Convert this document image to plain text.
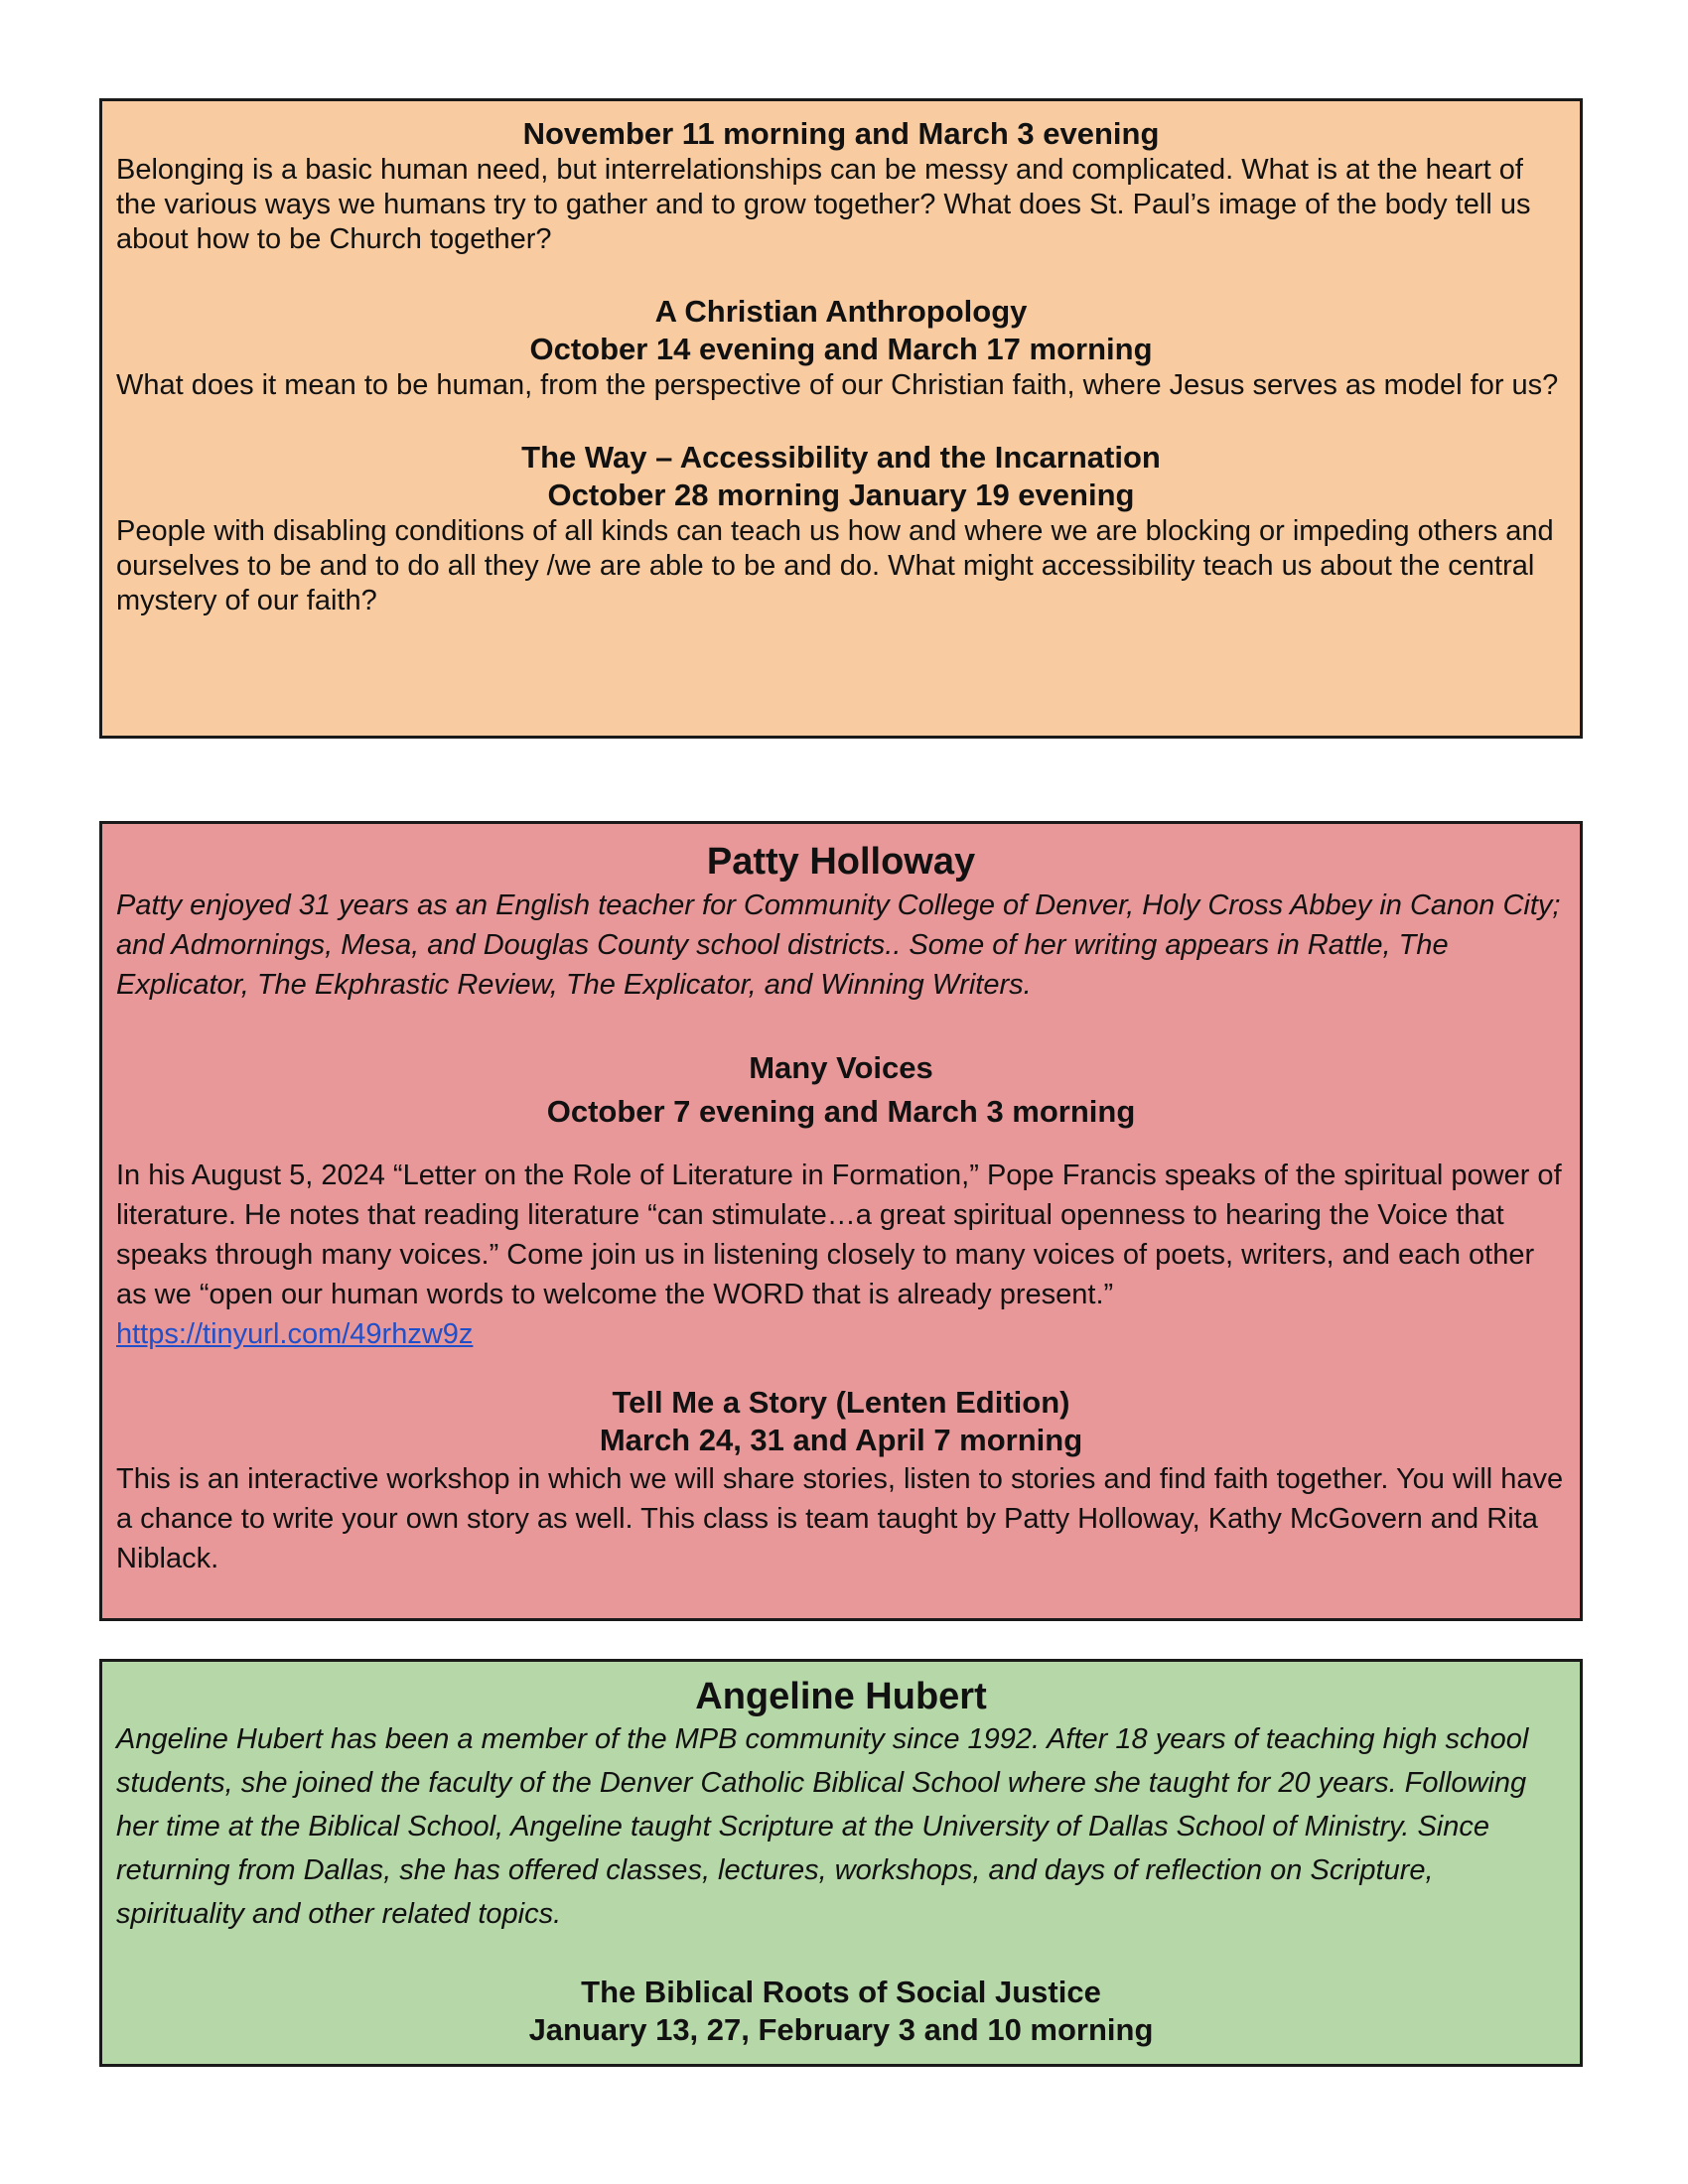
November 11 morning and March 3 evening

Belonging is a basic human need, but interrelationships can be messy and complicated. What is at the heart of the various ways we humans try to gather and to grow together? What does St. Paul’s image of the body tell us about how to be Church together?

A Christian Anthropology

October 14 evening and March 17 morning

What does it mean to be human, from the perspective of our Christian faith, where Jesus serves as model for us?

The Way – Accessibility and the Incarnation

October 28 morning January 19 evening

People with disabling conditions of all kinds can teach us how and where we are blocking or impeding others and ourselves to be and to do all they /we are able to be and do. What might accessibility teach us about the central mystery of our faith?

Patty Holloway

Patty enjoyed 31 years as an English teacher for Community College of Denver, Holy Cross Abbey in Canon City; and Admornings, Mesa, and Douglas County school districts.. Some of her writing appears in Rattle, The Explicator, The Ekphrastic Review, The Explicator, and Winning Writers.

Many Voices

October 7 evening and March 3 morning

In his August 5, 2024 “Letter on the Role of Literature in Formation,” Pope Francis speaks of the spiritual power of literature. He notes that reading literature “can stimulate…a great spiritual openness to hearing the Voice that speaks through many voices.” Come join us in listening closely to many voices of poets, writers, and each other as we “open our human words to welcome the WORD that is already present.”

https://tinyurl.com/49rhzw9z

Tell Me a Story (Lenten Edition)

March 24, 31 and April 7 morning

This is an interactive workshop in which we will share stories, listen to stories and find faith together. You will have a chance to write your own story as well. This class is team taught by Patty Holloway, Kathy McGovern and Rita Niblack.

Angeline Hubert

Angeline Hubert has been a member of the MPB community since 1992. After 18 years of teaching high school students, she joined the faculty of the Denver Catholic Biblical School where she taught for 20 years. Following her time at the Biblical School, Angeline taught Scripture at the University of Dallas School of Ministry. Since returning from Dallas, she has offered classes, lectures, workshops, and days of reflection on Scripture, spirituality and other related topics.

The Biblical Roots of Social Justice

January 13, 27, February 3 and 10 morning
